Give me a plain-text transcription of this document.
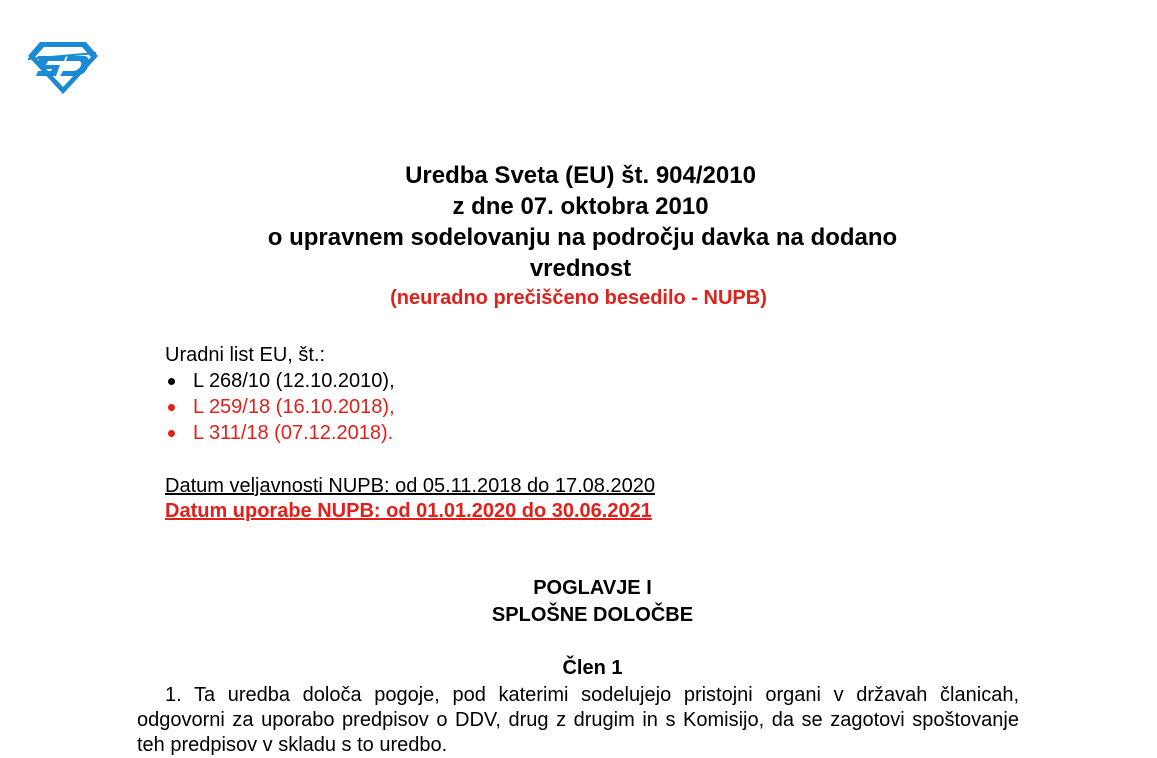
Uredba Sveta (EU) št. 904/2010

z dne 07. oktobra 2010

o upravnem sodelovanju na področju davka na dodano

vrednost

(neuradno prečiščeno besedilo - NUPB)

Uradni list EU, št.:

L 268/10 (12.10.2010),
L 259/18 (16.10.2018),
L 311/18 (07.12.2018).

Datum veljavnosti NUPB: od 05.11.2018 do 17.08.2020

Datum uporabe NUPB: od 01.01.2020 do 30.06.2021

POGLAVJE I

SPLOŠNE DOLOČBE

Člen 1

1. Ta uredba določa pogoje, pod katerimi sodelujejo pristojni organi v državah članicah, odgovorni za uporabo predpisov o DDV, drug z drugim in s Komisijo, da se zagotovi spoštovanje teh predpisov v skladu s to uredbo.
